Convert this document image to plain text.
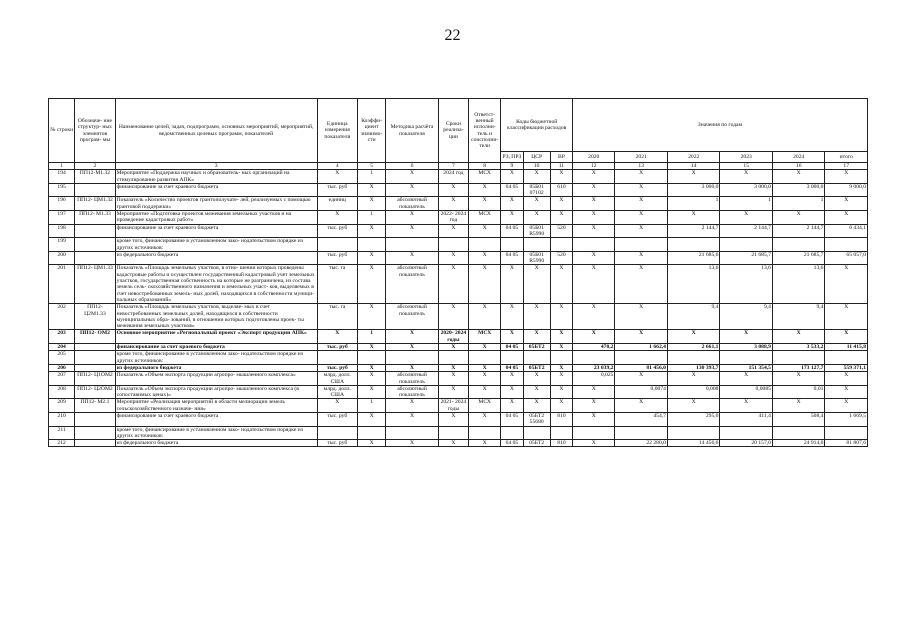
22
№ строки	Обозначе- ние структур- ных элементов програм- мы	Наименование целей, задач, подпрограмм, основных мероприятий, мероприятий, ведомственных целевых программ, показателей	Единица измерения показателя	Коэффи- циент значимо- сти	Методика расчёта показателя	Сроки реализа- ции	Ответст- венный исполни- тель и соисполни- тели	Коды бюджетной классификации расходов			Значения по годам					
								РЗ, ПРЗ	ЦСР	ВР	2020	2021	2022	2023	2024	итого
1	2	3	4	5	6	7	8	9	10	11	12	13	14	15	16	17
194	ПП12-М1.32	Мероприятие «Поддержка научных и образователь- ных организаций на стимулирование развития АПК»	X	1	X	2024 год	МСХ	X	X	X	X	X	X	X	X	X
195		финансирование за счет краевого бюджета	тыс. руб	X	X	X	X	04 05	05Б01 07102	610	X	X	3 000,0	3 000,0	3 000,0	9 000,0
196	ПП12- ЦМ1.32	Показатель «Количество проектов грантополучате- лей, реализуемых с помощью грантовой поддержки»	единиц	X	абсолютный показатель	X	X	X	X	X	X	X	1	1	1	X
197	ПП12- М1.33	Мероприятие «Подготовка проектов межевания земельных участков и на проведение кадастровых работ»	X	1	X	2022- 2024 год	МСХ	X	X	X	X	X	X	X	X	X
198		финансирование за счет краевого бюджета	тыс. руб	X	X	X	X	04 05	05Б01 R5990	520	X	X	2 144,7	2 144,7	2 144,7	6 434,1
199		кроме того, финансирование в установленном зако- нодательством порядке из других источников:														
200		из федерального бюджета	тыс. руб	X	X	X	X	04 05	05Б01 R5990	520	X	X	21 685,6	21 685,7	21 685,7	65 057,0
201	ПП12- ЦМ1.33	Показатель «Площадь земельных участков, в отно- шении которых проведены кадастровые работы и осуществлен государственный кадастровый учет земельных участков, государственная собственность на которые не разграничена, из состава земель сель- скохозяйственного назначения и земельных участ- ков, выделяемых в счет невостребованных земель- ных долей, находящихся в собственности муници- пальных образований»	тыс. га	X	абсолютный показатель	X	X	X	X	X	X	X	13,6	13,6	13,6	X
202	ПП12- Ц2М1.33	Показатель «Площадь земельных участков, выделяе- мых в счет невостребованных земельных долей, находящихся в собственности муниципальных обра- зований, в отношении которых подготовлены проек- ты межевания земельных участков»	тыс. га	X	абсолютный показатель	X	X	X	X	X	X	X	9,4	9,4	9,4	X
203	ПП12- ОМ2	Основное мероприятие «Региональный проект «Экспорт продукции АПК»	X	1	X	2020- 2024 годы	МСХ	X	X	X	X	X	X	X	X	X
204		финансирование за счет краевого бюджета	тыс. руб	X	X	X	X	04 05	05БТ2	X	470,2	1 662,4	2 661,1	3 088,9	3 533,2	11 415,8
205		кроме того, финансирование в установленном зако- нодательством порядке из других источников:														
206		из федерального бюджета	тыс. руб	X	X	X	X	04 05	05БТ2	X	23 039,2	81 456,0	130 393,7	151 354,5	173 127,7	559 371,1
207	ПП12- Ц1ОМ2	Показатель «Объем экспорта продукции агропро- мышленного комплекса»	млрд. долл. США	X	абсолютный показатель	X	X	X	X	X	0,025	X	X	X	X	X
208	ПП12- Ц2ОМ2	Показатель «Объем экспорта продукции агропро- мышленного комплекса (в сопоставимых ценах)»	млрд. долл. США	X	абсолютный показатель	X	X	X	X	X	X	0,0074	0,008	0,0085	0,01	X
209	ПП12- М2.1	Мероприятие «Реализация мероприятий в области мелиорации земель сельскохозяйственного назначе- ния»	X	1	X	2021- 2024 годы	МСХ	X	X	X	X	X	X	X	X	X
210		финансирование за счет краевого бюджета	тыс. руб	X	X	X	X	04 05	05БТ2 55680	810	X	454,7	295,0	411,4	508,4	1 669,5
211		кроме того, финансирование в установленном зако- нодательством порядке из других источников:														
212		из федерального бюджета	тыс. руб	X	X	X	X	04 05	05БТ2	810	X	22 280,0	14 456,6	20 157,0	24 914,0	81 807,6
